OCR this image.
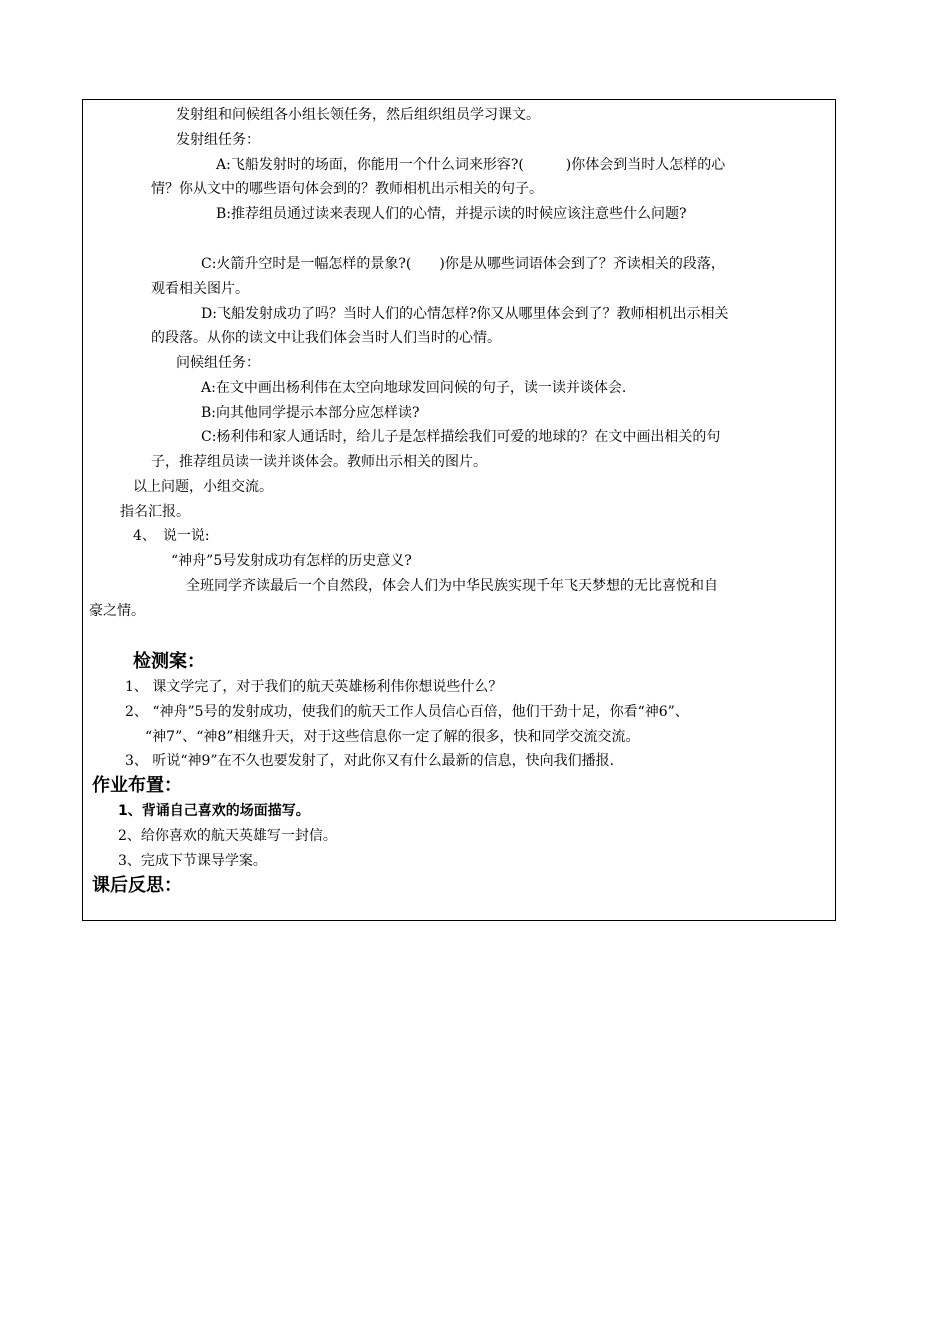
发射组和问候组各小组长领任务，然后组织组员学习课文。
发射组任务：
A:飞船发射时的场面，你能用一个什么词来形容?(　　　)你体会到当时人怎样的心
情？你从文中的哪些语句体会到的？教师相机出示相关的句子。
B:推荐组员通过读来表现人们的心情，并提示读的时候应该注意些什么问题?
C:火箭升空时是一幅怎样的景象?(　　)你是从哪些词语体会到了？齐读相关的段落，
观看相关图片。
D:飞船发射成功了吗？当时人们的心情怎样?你又从哪里体会到了？教师相机出示相关
的段落。从你的读文中让我们体会当时人们当时的心情。
问候组任务：
A:在文中画出杨利伟在太空向地球发回问候的句子，读一读并谈体会.
B:向其他同学提示本部分应怎样读?
C:杨利伟和家人通话时，给儿子是怎样描绘我们可爱的地球的？在文中画出相关的句
子，推荐组员读一读并谈体会。教师出示相关的图片。
以上问题，小组交流。
指名汇报。
4、　说一说:
“神舟”5号发射成功有怎样的历史意义?
全班同学齐读最后一个自然段，体会人们为中华民族实现千年飞天梦想的无比喜悦和自
豪之情。
检测案：
1、 课文学完了，对于我们的航天英雄杨利伟你想说些什么？
2、 “神舟”5号的发射成功，使我们的航天工作人员信心百倍，他们干劲十足，你看“神6”、
“神7”、“神8”相继升天，对于这些信息你一定了解的很多，快和同学交流交流。
3、 听说“神9”在不久也要发射了，对此你又有什么最新的信息，快向我们播报.
作业布置：
1、背诵自己喜欢的场面描写。
2、给你喜欢的航天英雄写一封信。
3、完成下节课导学案。
课后反思：
